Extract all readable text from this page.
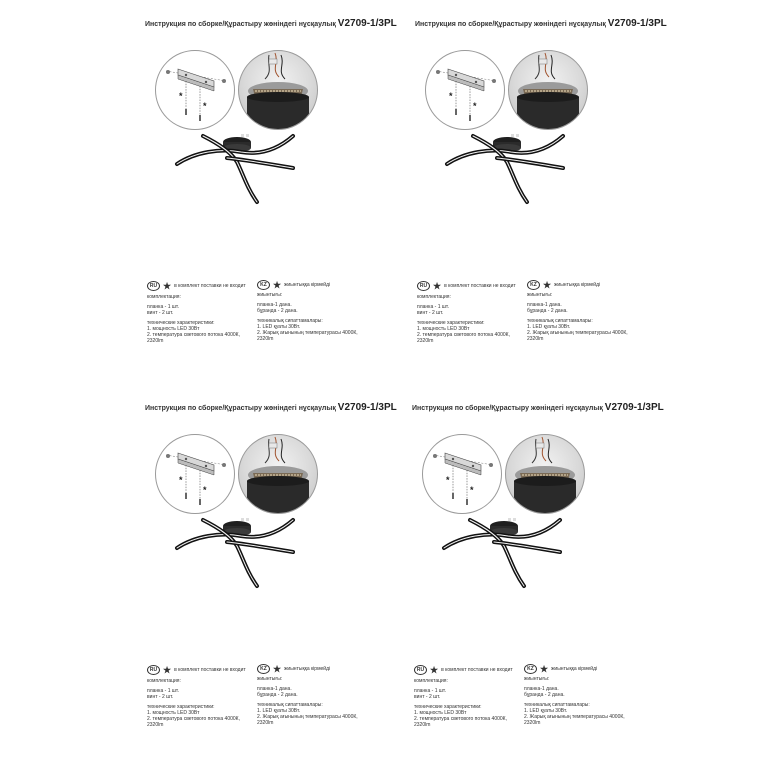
Инструкция по сборке/Құрастыру жөніндегі нұсқаулық V2709-1/3PL
*
*
RU ★ в комплект поставки не входит
комплектация:
планка - 1 шт.
винт - 2 шт.
технические характеристики:
1. мощность LED 30Вт
2. температура светового потока 4000К,
2320lm
KZ ★ жиынтыққа кірмейді
жиынтығы:
планка-1 дана.
бұранда - 2 дана.
техникалық сипаттамалары:
1. LED қуаты 30Вт.
2. Жарық ағынының температурасы 4000К,
2320lm
Инструкция по сборке/Құрастыру жөніндегі нұсқаулық V2709-1/3PL
*
*
RU ★ в комплект поставки не входит
комплектация:
планка - 1 шт.
винт - 2 шт.
технические характеристики:
1. мощность LED 30Вт
2. температура светового потока 4000К,
2320lm
KZ ★ жиынтыққа кірмейді
жиынтығы:
планка-1 дана.
бұранда - 2 дана.
техникалық сипаттамалары:
1. LED қуаты 30Вт.
2. Жарық ағынының температурасы 4000К,
2320lm
Инструкция по сборке/Құрастыру жөніндегі нұсқаулық V2709-1/3PL
*
*
RU ★ в комплект поставки не входит
комплектация:
планка - 1 шт.
винт - 2 шт.
технические характеристики:
1. мощность LED 30Вт
2. температура светового потока 4000К,
2320lm
KZ ★ жиынтыққа кірмейді
жиынтығы:
планка-1 дана.
бұранда - 2 дана.
техникалық сипаттамалары:
1. LED қуаты 30Вт.
2. Жарық ағынының температурасы 4000К,
2320lm
Инструкция по сборке/Құрастыру жөніндегі нұсқаулық V2709-1/3PL
*
*
RU ★ в комплект поставки не входит
комплектация:
планка - 1 шт.
винт - 2 шт.
технические характеристики:
1. мощность LED 30Вт
2. температура светового потока 4000К,
2320lm
KZ ★ жиынтыққа кірмейді
жиынтығы:
планка-1 дана.
бұранда - 2 дана.
техникалық сипаттамалары:
1. LED қуаты 30Вт.
2. Жарық ағынының температурасы 4000К,
2320lm
